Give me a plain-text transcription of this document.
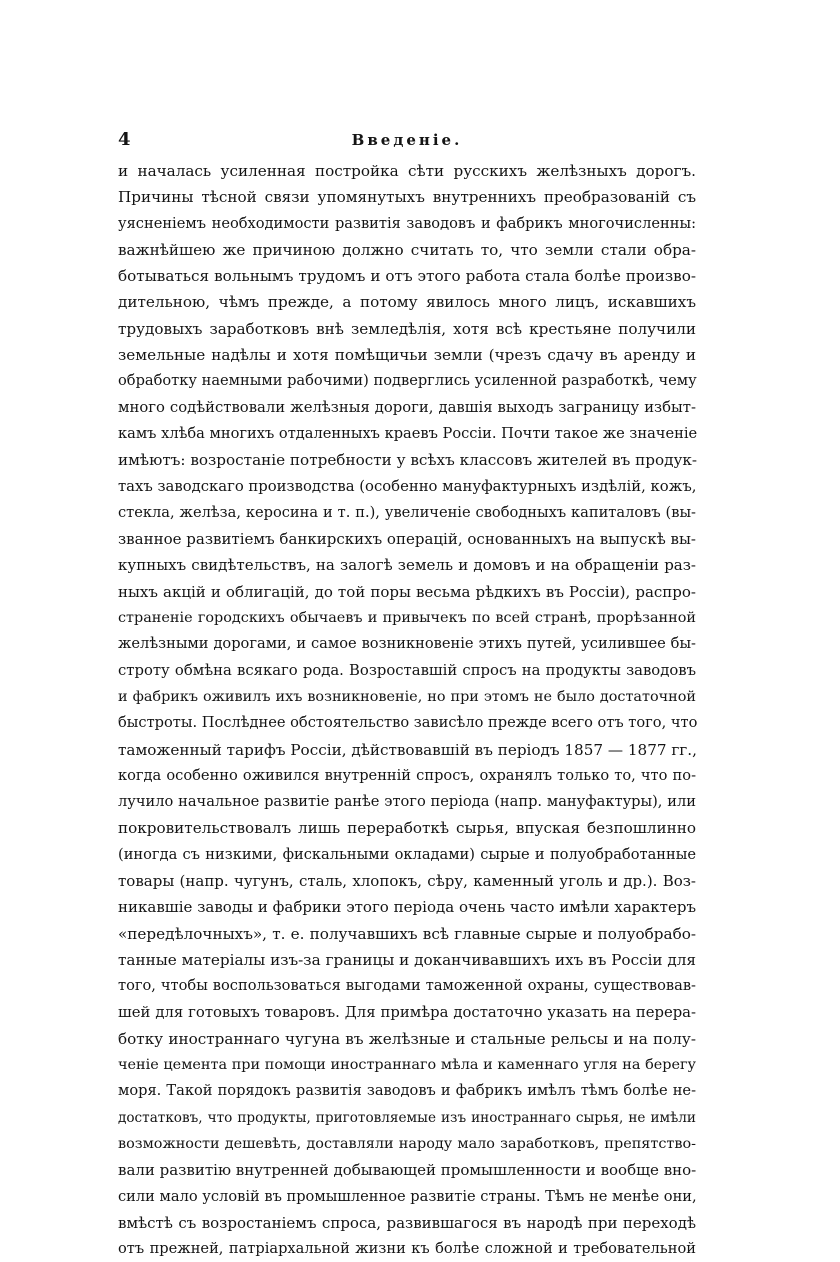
4	Введеніе.
и началась усиленная постройка сѣти русскихъ желѣзныхъ дорогъ.
Причины тѣсной связи упомянутыхъ внутреннихъ преобразованій съ
уясненіемъ необходимости развитія заводовъ и фабрикъ многочисленны:
важнѣйшею же причиною должно считать то, что земли стали обра-
ботываться вольнымъ трудомъ и отъ этого работа стала болѣе произво-
дительною, чѣмъ прежде, а потому явилось много лицъ, искавшихъ
трудовыхъ заработковъ внѣ земледѣлія, хотя всѣ крестьяне получили
земельные надѣлы и хотя помѣщичьи земли (чрезъ сдачу въ аренду и
обработку наемными рабочими) подверглись усиленной разработкѣ, чему
много содѣйствовали желѣзныя дороги, давшія выходъ заграницу избыт-
камъ хлѣба многихъ отдаленныхъ краевъ Россіи. Почти такое же значеніе
имѣютъ: возростаніе потребности у всѣхъ классовъ жителей въ продук-
тахъ заводскаго производства (особенно мануфактурныхъ издѣлій, кожъ,
стекла, желѣза, керосина и т. п.), увеличеніе свободныхъ капиталовъ (вы-
званное развитіемъ банкирскихъ операцій, основанныхъ на выпускѣ вы-
купныхъ свидѣтельствъ, на залогѣ земель и домовъ и на обращеніи раз-
ныхъ акцій и облигацій, до той поры весьма рѣдкихъ въ Россіи), распро-
страненіе городскихъ обычаевъ и привычекъ по всей странѣ, прорѣзанной
желѣзными дорогами, и самое возникновеніе этихъ путей, усилившее бы-
строту обмѣна всякаго рода. Возроставшій спросъ на продукты заводовъ
и фабрикъ оживилъ ихъ возникновеніе, но при этомъ не было достаточной
быстроты. Послѣднее обстоятельство зависѣло прежде всего отъ того, что
таможенный тарифъ Россіи, дѣйствовавшій въ періодъ 1857 — 1877 гг.,
когда особенно оживился внутренній спросъ, охранялъ только то, что по-
лучило начальное развитіе ранѣе этого періода (напр. мануфактуры), или
покровительствовалъ лишь переработкѣ сырья, впуская безпошлинно
(иногда съ низкими, фискальными окладами) сырые и полуобработанные
товары (напр. чугунъ, сталь, хлопокъ, сѣру, каменный уголь и др.). Воз-
никавшіе заводы и фабрики этого періода очень часто имѣли характеръ
«передѣлочныхъ», т. е. получавшихъ всѣ главные сырые и полуобрабо-
танные матеріалы изъ-за границы и доканчивавшихъ ихъ въ Россіи для
того, чтобы воспользоваться выгодами таможенной охраны, существовав-
шей для готовыхъ товаровъ. Для примѣра достаточно указать на перера-
ботку иностраннаго чугуна въ желѣзные и стальные рельсы и на полу-
ченіе цемента при помощи иностраннаго мѣла и каменнаго угля на берегу
моря. Такой порядокъ развитія заводовъ и фабрикъ имѣлъ тѣмъ болѣе не-
достатковъ, что продукты, приготовляемые изъ иностраннаго сырья, не имѣли
возможности дешевѣть, доставляли народу мало заработковъ, препятство-
вали развитію внутренней добывающей промышленности и вообще вно-
сили мало условій въ промышленное развитіе страны. Тѣмъ не менѣе они,
вмѣстѣ съ возростаніемъ спроса, развившагося въ народѣ при переходѣ
отъ прежней, патріархальной жизни къ болѣе сложной и требовательной
